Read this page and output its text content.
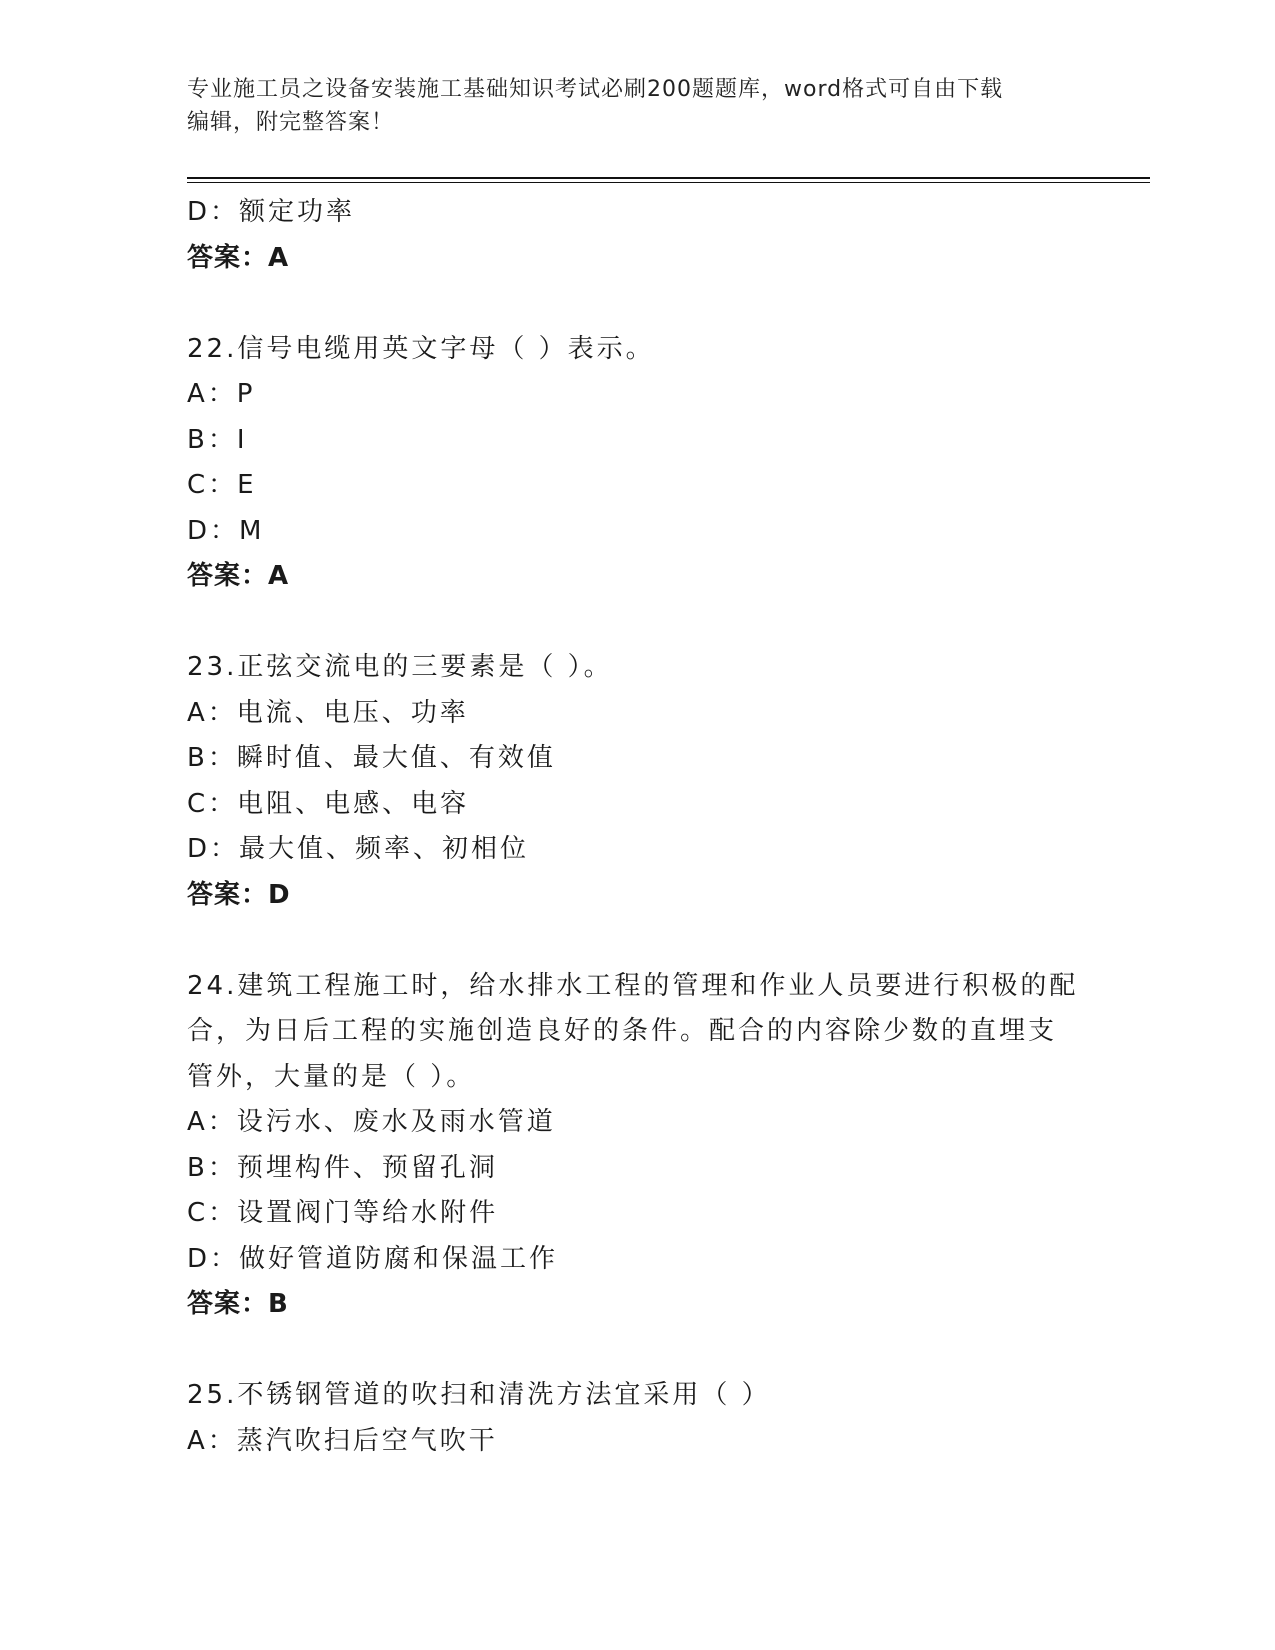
专业施工员之设备安装施工基础知识考试必刷200题题库，word格式可自由下载
编辑，附完整答案！
D：额定功率
答案：A
22.信号电缆用英文字母（ ）表示。
A：P
B：I
C：E
D：M
答案：A
23.正弦交流电的三要素是（ ）。
A：电流、电压、功率
B：瞬时值、最大值、有效值
C：电阻、电感、电容
D：最大值、频率、初相位
答案：D
24.建筑工程施工时，给水排水工程的管理和作业人员要进行积极的配
合，为日后工程的实施创造良好的条件。配合的内容除少数的直埋支
管外，大量的是（ ）。
A：设污水、废水及雨水管道
B：预埋构件、预留孔洞
C：设置阀门等给水附件
D：做好管道防腐和保温工作
答案：B
25.不锈钢管道的吹扫和清洗方法宜采用（ ）
A：蒸汽吹扫后空气吹干
